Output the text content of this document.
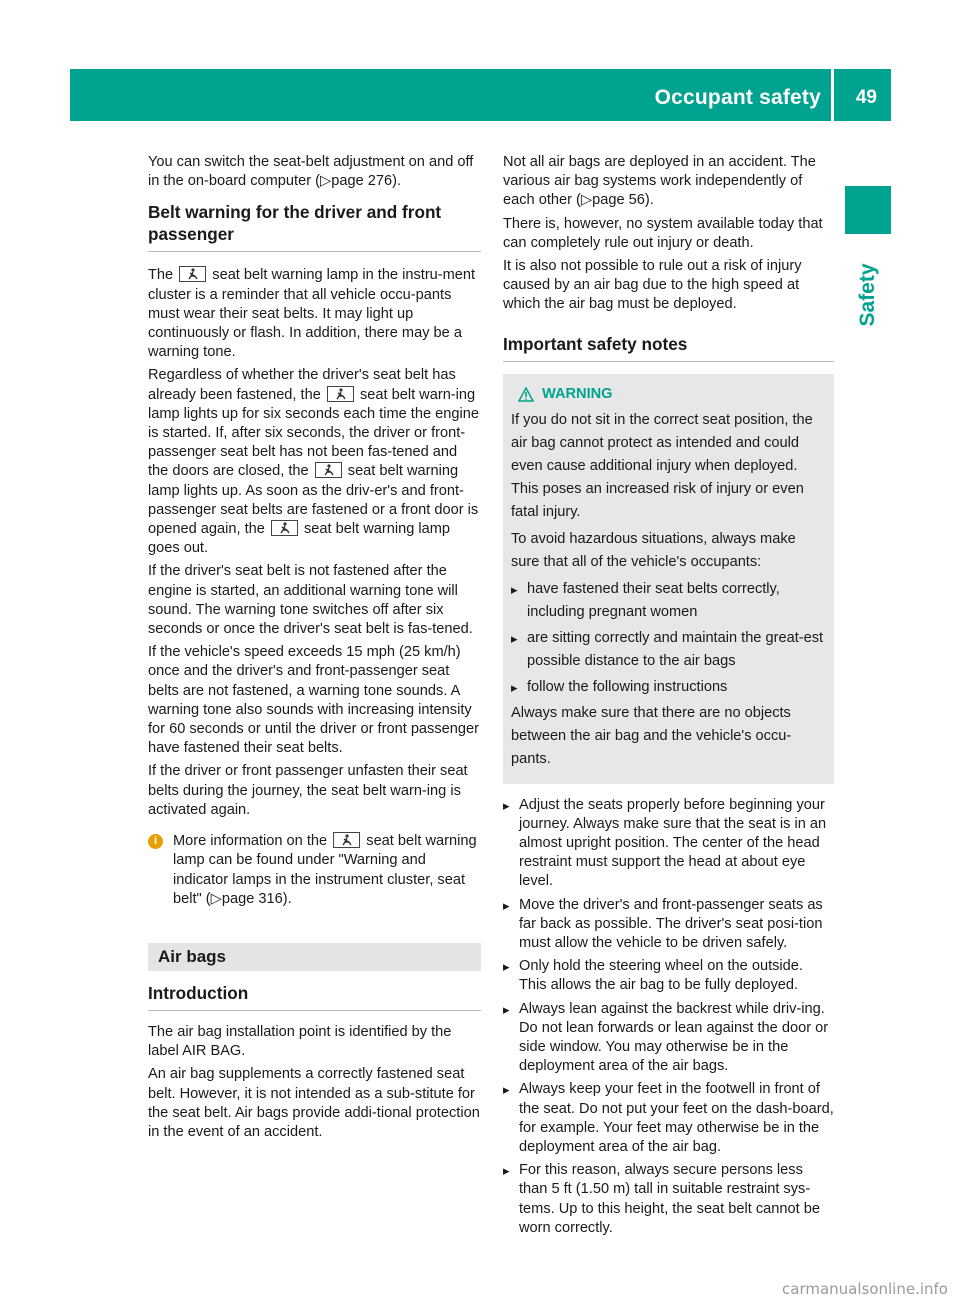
Occupant safety 49
Safety

You can switch the seat-belt adjustment on and off in the on-board computer (▷page 276).

Belt warning for the driver and front passenger

The	seat belt warning lamp in the instru-ment cluster is a reminder that all vehicle occu-pants must wear their seat belts. It may light up continuously or flash. In addition, there may be a warning tone.

Regardless of whether the driver's seat belt has already been fastened, the	seat belt warn-ing lamp lights up for six seconds each time the engine is started. If, after six seconds, the driver or front-passenger seat belt has not been fas-tened and the doors are closed, the	seat belt warning lamp lights up. As soon as the driv-er's and front-passenger seat belts are fastened or a front door is opened again, the	seat belt warning lamp goes out.

If the driver's seat belt is not fastened after the engine is started, an additional warning tone will sound. The warning tone switches off after six seconds or once the driver's seat belt is fas-tened.

If the vehicle's speed exceeds 15 mph (25 km/h) once and the driver's and front-passenger seat belts are not fastened, a warning tone sounds. A warning tone also sounds with increasing intensity for 60 seconds or until the driver or front passenger have fastened their seat belts.

If the driver or front passenger unfasten their seat belts during the journey, the seat belt warn-ing is activated again.

i	More information on the	seat belt warning lamp can be found under "Warning and indicator lamps in the instrument cluster, seat belt" (▷page 316).
Air bags
Introduction

The air bag installation point is identified by the label AIR BAG.

An air bag supplements a correctly fastened seat belt. However, it is not intended as a sub-stitute for the seat belt. Air bags provide addi-tional protection in the event of an accident.

Not all air bags are deployed in an accident. The various air bag systems work independently of each other (▷page 56).

There is, however, no system available today that can completely rule out injury or death.

It is also not possible to rule out a risk of injury caused by an air bag due to the high speed at which the air bag must be deployed.

Important safety notes
WARNING

If you do not sit in the correct seat position, the air bag cannot protect as intended and could even cause additional injury when deployed. This poses an increased risk of injury or even fatal injury.

To avoid hazardous situations, always make sure that all of the vehicle's occupants:

▸ have fastened their seat belts correctly, including pregnant women
▸ are sitting correctly and maintain the great-est possible distance to the air bags
▸ follow the following instructions

Always make sure that there are no objects between the air bag and the vehicle's occu-pants.

▸ Adjust the seats properly before beginning your journey. Always make sure that the seat is in an almost upright position. The center of the head restraint must support the head at about eye level.
▸ Move the driver's and front-passenger seats as far back as possible. The driver's seat posi-tion must allow the vehicle to be driven safely.
▸ Only hold the steering wheel on the outside. This allows the air bag to be fully deployed.
▸ Always lean against the backrest while driv-ing. Do not lean forwards or lean against the door or side window. You may otherwise be in the deployment area of the air bags.
▸ Always keep your feet in the footwell in front of the seat. Do not put your feet on the dash-board, for example. Your feet may otherwise be in the deployment area of the air bag.
▸ For this reason, always secure persons less than 5 ft (1.50 m) tall in suitable restraint sys-tems. Up to this height, the seat belt cannot be worn correctly.
carmanualsonline.info
